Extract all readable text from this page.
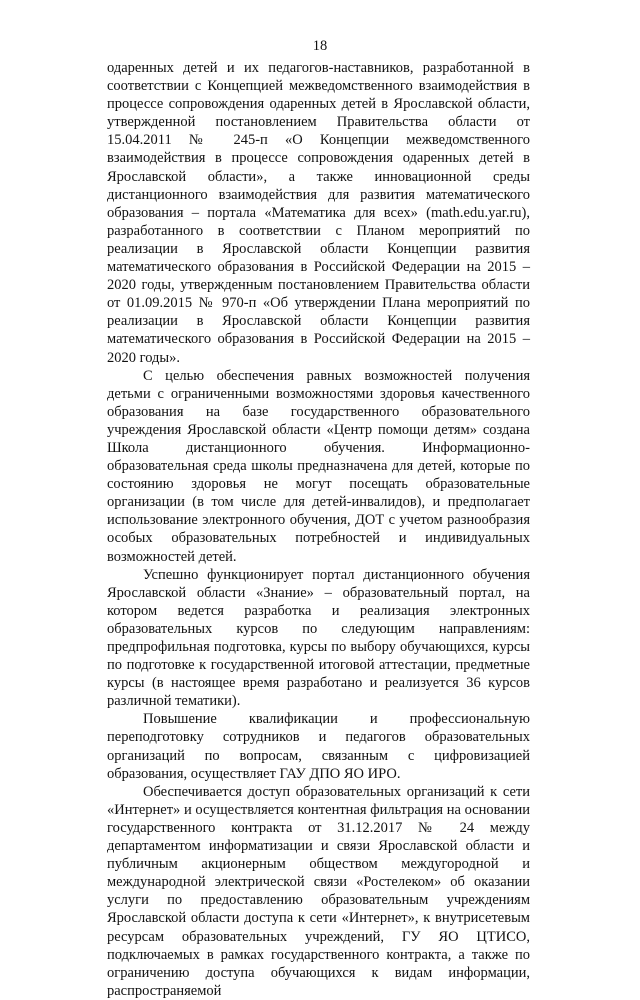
18

одаренных детей и их педагогов-наставников, разработанной в соответствии с Концепцией межведомственного взаимодействия в процессе сопровождения одаренных детей в Ярославской области, утвержденной постановлением Правительства области от 15.04.2011 № 245-п «О Концепции межведомственного взаимодействия в процессе сопровождения одаренных детей в Ярославской области», а также инновационной среды дистанционного взаимодействия для развития математического образования – портала «Математика для всех» (math.edu.yar.ru), разработанного в соответствии с Планом мероприятий по реализации в Ярославской области Концепции развития математического образования в Российской Федерации на 2015 – 2020 годы, утвержденным постановлением Правительства области от 01.09.2015 № 970-п «Об утверждении Плана мероприятий по реализации в Ярославской области Концепции развития математического образования в Российской Федерации на 2015 – 2020 годы».

С целью обеспечения равных возможностей получения детьми с ограниченными возможностями здоровья качественного образования на базе государственного образовательного учреждения Ярославской области «Центр помощи детям» создана Школа дистанционного обучения. Информационно-образовательная среда школы предназначена для детей, которые по состоянию здоровья не могут посещать образовательные организации (в том числе для детей-инвалидов), и предполагает использование электронного обучения, ДОТ с учетом разнообразия особых образовательных потребностей и индивидуальных возможностей детей.

Успешно функционирует портал дистанционного обучения Ярославской области «Знание» – образовательный портал, на котором ведется разработка и реализация электронных образовательных курсов по следующим направлениям: предпрофильная подготовка, курсы по выбору обучающихся, курсы по подготовке к государственной итоговой аттестации, предметные курсы (в настоящее время разработано и реализуется 36 курсов различной тематики).

Повышение квалификации и профессиональную переподготовку сотрудников и педагогов образовательных организаций по вопросам, связанным с цифровизацией образования, осуществляет ГАУ ДПО ЯО ИРО.

Обеспечивается доступ образовательных организаций к сети «Интернет» и осуществляется контентная фильтрация на основании государственного контракта от 31.12.2017 № 24 между департаментом информатизации и связи Ярославской области и публичным акционерным обществом междугородной и международной электрической связи «Ростелеком» об оказании услуги по предоставлению образовательным учреждениям Ярославской области доступа к сети «Интернет», к внутрисетевым ресурсам образовательных учреждений, ГУ ЯО ЦТИСО, подключаемых в рамках государственного контракта, а также по ограничению доступа обучающихся к видам информации, распространяемой
